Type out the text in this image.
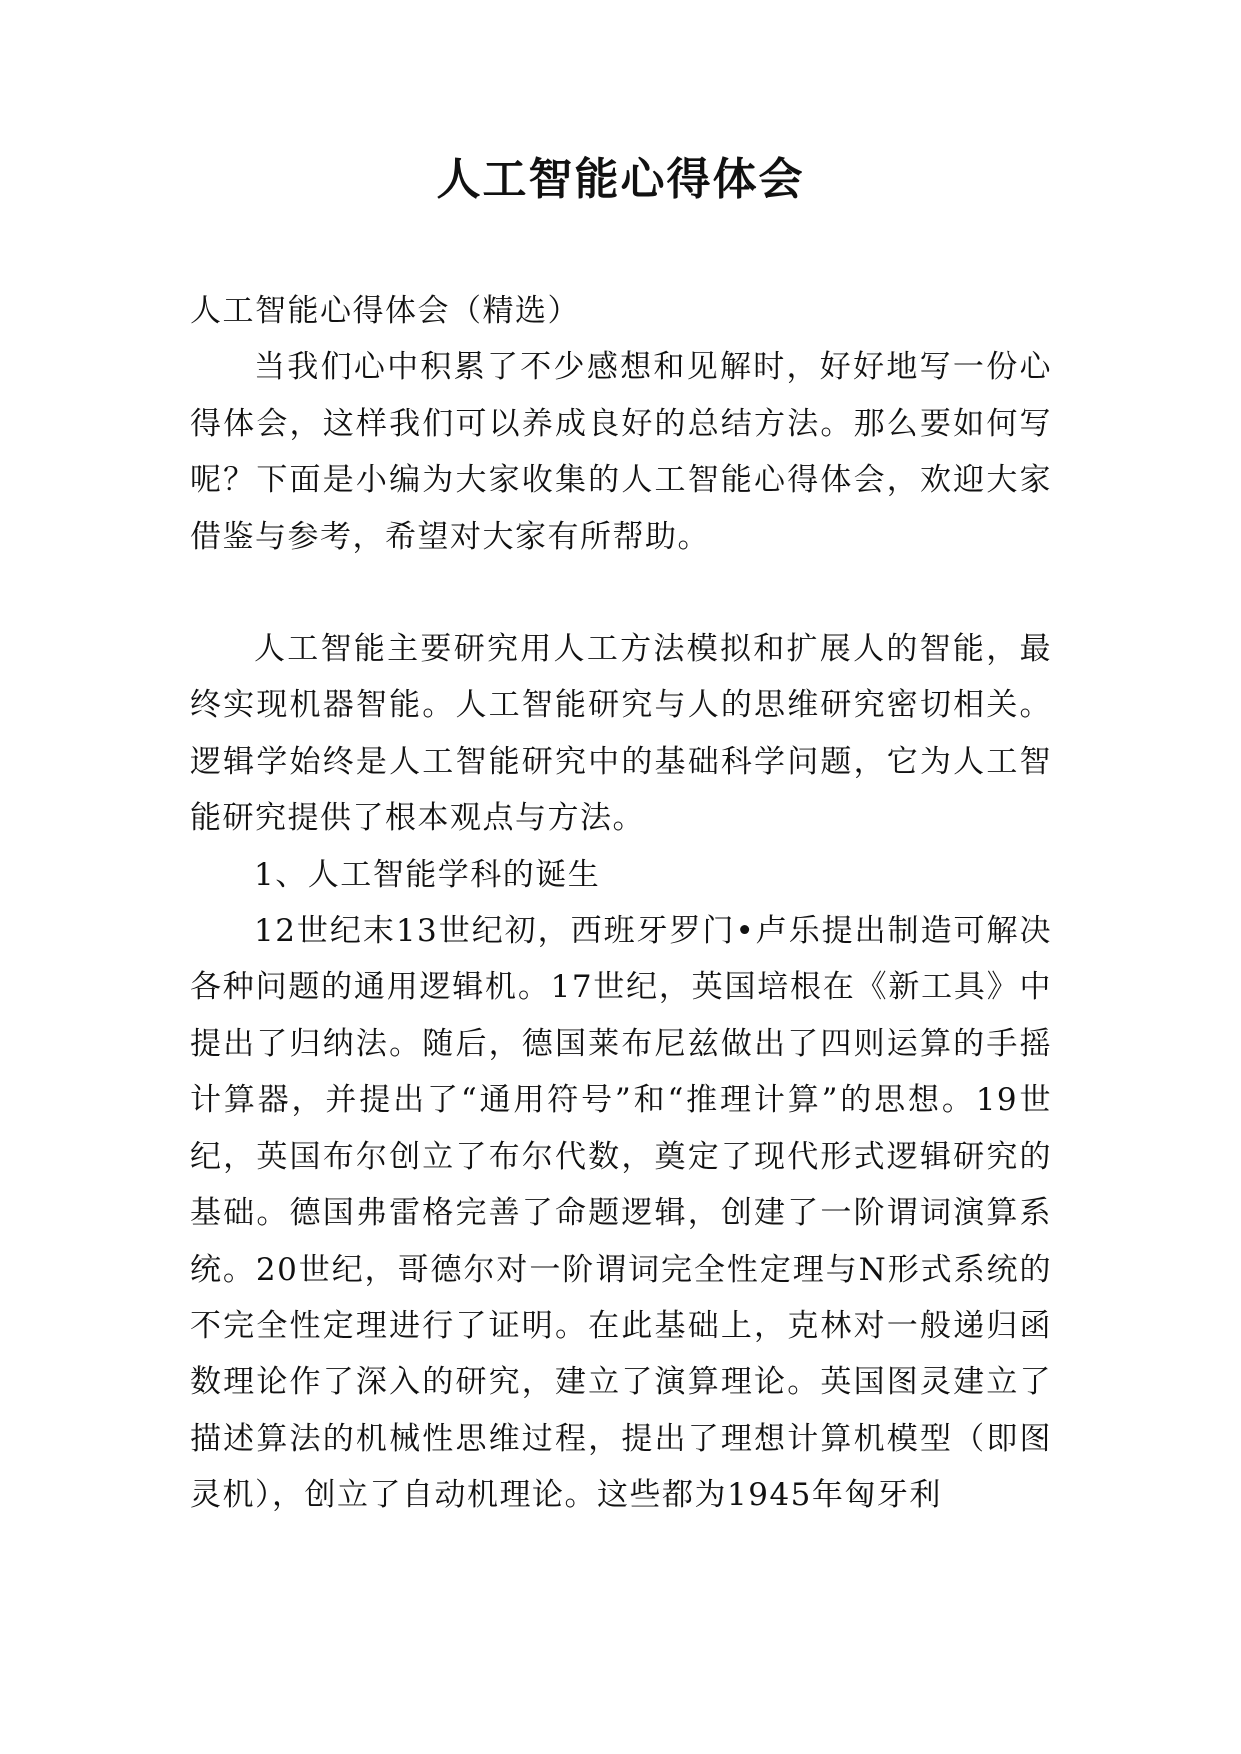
人工智能心得体会

人工智能心得体会（精选）

当我们心中积累了不少感想和见解时，好好地写一份心得体会，这样我们可以养成良好的总结方法。那么要如何写呢？下面是小编为大家收集的人工智能心得体会，欢迎大家借鉴与参考，希望对大家有所帮助。

人工智能主要研究用人工方法模拟和扩展人的智能，最终实现机器智能。人工智能研究与人的思维研究密切相关。逻辑学始终是人工智能研究中的基础科学问题，它为人工智能研究提供了根本观点与方法。

1、人工智能学科的诞生

12世纪末13世纪初，西班牙罗门•卢乐提出制造可解决各种问题的通用逻辑机。17世纪，英国培根在《新工具》中提出了归纳法。随后，德国莱布尼兹做出了四则运算的手摇计算器，并提出了“通用符号”和“推理计算”的思想。19世纪，英国布尔创立了布尔代数，奠定了现代形式逻辑研究的基础。德国弗雷格完善了命题逻辑，创建了一阶谓词演算系统。20世纪，哥德尔对一阶谓词完全性定理与N形式系统的不完全性定理进行了证明。在此基础上，克林对一般递归函数理论作了深入的研究，建立了演算理论。英国图灵建立了描述算法的机械性思维过程，提出了理想计算机模型（即图灵机），创立了自动机理论。这些都为1945年匈牙利
